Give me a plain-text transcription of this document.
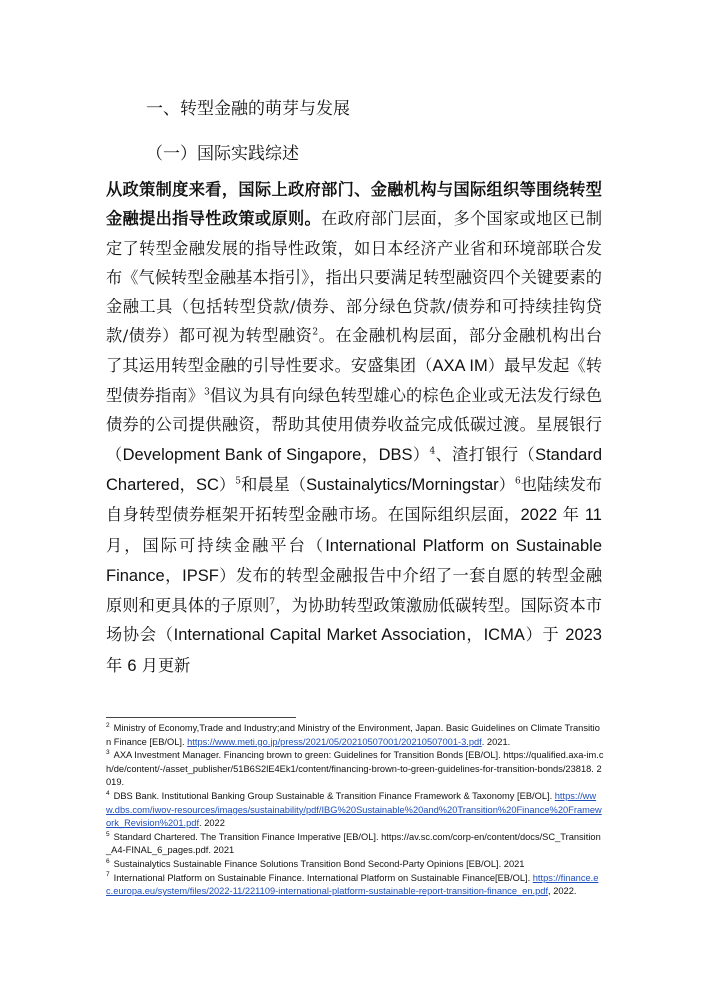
一、转型金融的萌芽与发展
（一）国际实践综述

从政策制度来看，国际上政府部门、金融机构与国际组织等围绕转型金融提出指导性政策或原则。在政府部门层面，多个国家或地区已制定了转型金融发展的指导性政策，如日本经济产业省和环境部联合发布《气候转型金融基本指引》，指出只要满足转型融资四个关键要素的金融工具（包括转型贷款/债券、部分绿色贷款/债券和可持续挂钩贷款/债券）都可视为转型融资$^2$。在金融机构层面，部分金融机构出台了其运用转型金融的引导性要求。安盛集团（AXA IM）最早发起《转型债券指南》$^3$倡议为具有向绿色转型雄心的棕色企业或无法发行绿色债券的公司提供融资，帮助其使用债券收益完成低碳过渡。星展银行（Development Bank of Singapore，DBS）$^4$、渣打银行（Standard Chartered，SC）$^5$和晨星（Sustainalytics/Morningstar）$^6$也陆续发布自身转型债券框架开拓转型金融市场。在国际组织层面，2022 年 11 月，国际可持续金融平台（International Platform on Sustainable Finance，IPSF）发布的转型金融报告中介绍了一套自愿的转型金融原则和更具体的子原则$^7$，为协助转型政策激励低碳转型。国际资本市场协会（International Capital Market Association，ICMA）于 2023 年 6 月更新

$^2$ Ministry of Economy,Trade and Industry;and Ministry of the Environment, Japan. Basic Guidelines on Climate Transition Finance [EB/OL]. https://www.meti.go.jp/press/2021/05/20210507001/20210507001-3.pdf. 2021.
$^3$ AXA Investment Manager. Financing brown to green: Guidelines for Transition Bonds [EB/OL]. https://qualified.axa-im.ch/de/content/-/asset_publisher/51B6S2lE4Ek1/content/financing-brown-to-green-guidelines-for-transition-bonds/23818. 2019.
$^4$ DBS Bank. Institutional Banking Group Sustainable & Transition Finance Framework & Taxonomy [EB/OL]. https://www.dbs.com/iwov-resources/images/sustainability/pdf/IBG%20Sustainable%20and%20Transition%20Finance%20Framework_Revision%201.pdf. 2022
$^5$ Standard Chartered. The Transition Finance Imperative [EB/OL]. https://av.sc.com/corp-en/content/docs/SC_Transition_A4-FINAL_6_pages.pdf. 2021
$^6$ Sustainalytics Sustainable Finance Solutions Transition Bond Second-Party Opinions [EB/OL]. 2021
$^7$ International Platform on Sustainable Finance. International Platform on Sustainable Finance[EB/OL]. https://finance.ec.europa.eu/system/files/2022-11/221109-international-platform-sustainable-report-transition-finance_en.pdf, 2022.
